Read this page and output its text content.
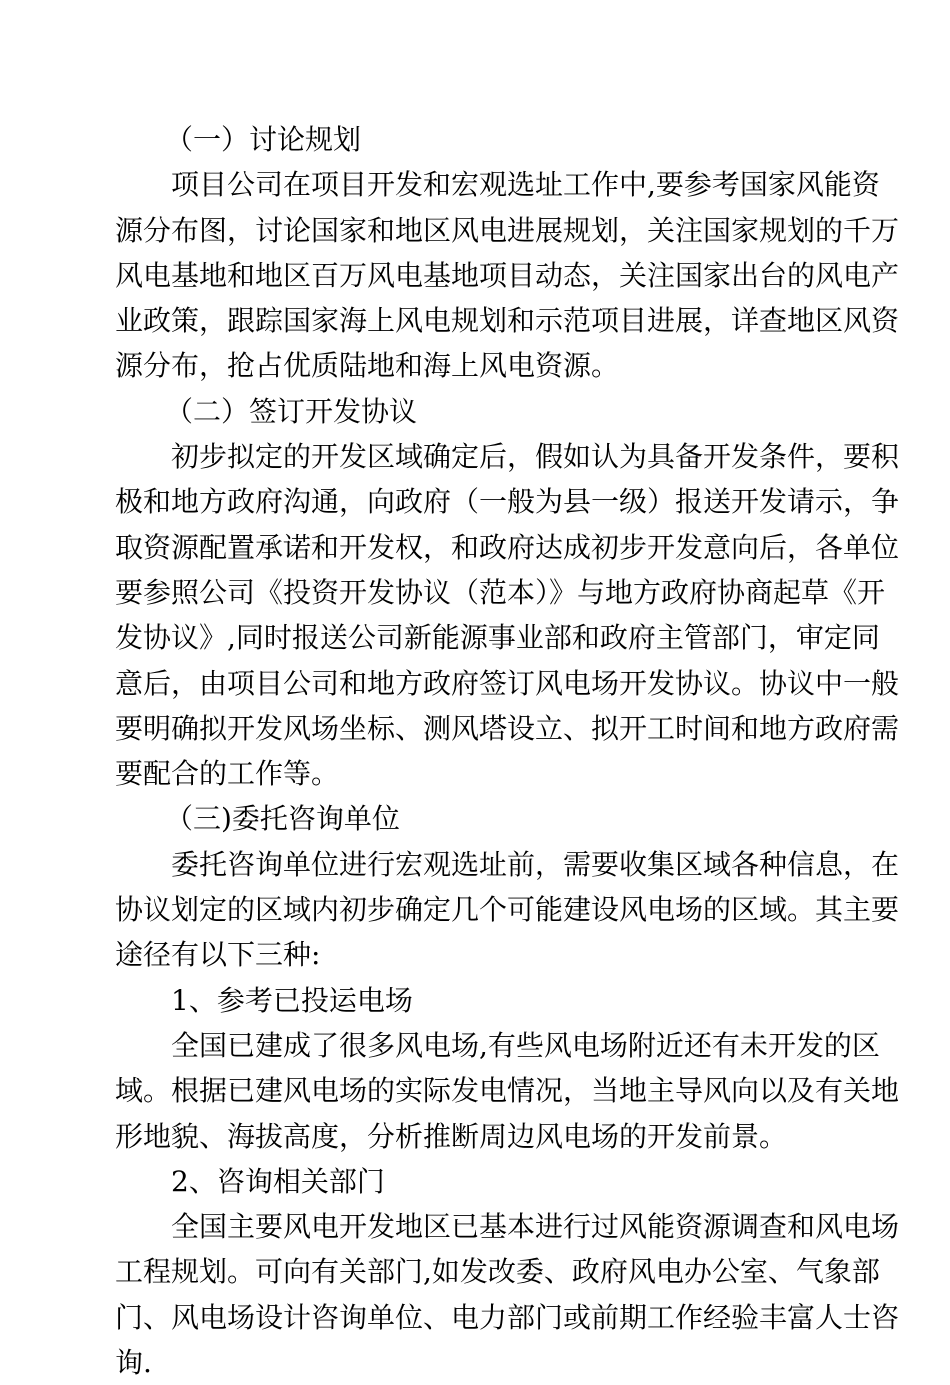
（一）讨论规划
项目公司在项目开发和宏观选址工作中,要参考国家风能资
源分布图，讨论国家和地区风电进展规划，关注国家规划的千万
风电基地和地区百万风电基地项目动态，关注国家出台的风电产
业政策，跟踪国家海上风电规划和示范项目进展，详查地区风资
源分布，抢占优质陆地和海上风电资源。
（二）签订开发协议
初步拟定的开发区域确定后，假如认为具备开发条件，要积
极和地方政府沟通，向政府（一般为县一级）报送开发请示，争
取资源配置承诺和开发权，和政府达成初步开发意向后，各单位
要参照公司《投资开发协议（范本）》与地方政府协商起草《开
发协议》,同时报送公司新能源事业部和政府主管部门，审定同
意后，由项目公司和地方政府签订风电场开发协议。协议中一般
要明确拟开发风场坐标、测风塔设立、拟开工时间和地方政府需
要配合的工作等。
（三)委托咨询单位
委托咨询单位进行宏观选址前，需要收集区域各种信息，在
协议划定的区域内初步确定几个可能建设风电场的区域。其主要
途径有以下三种:
1、参考已投运电场
全国已建成了很多风电场,有些风电场附近还有未开发的区
域。根据已建风电场的实际发电情况，当地主导风向以及有关地
形地貌、海拔高度，分析推断周边风电场的开发前景。
2、咨询相关部门
全国主要风电开发地区已基本进行过风能资源调查和风电场
工程规划。可向有关部门,如发改委、政府风电办公室、气象部
门、风电场设计咨询单位、电力部门或前期工作经验丰富人士咨
询.
